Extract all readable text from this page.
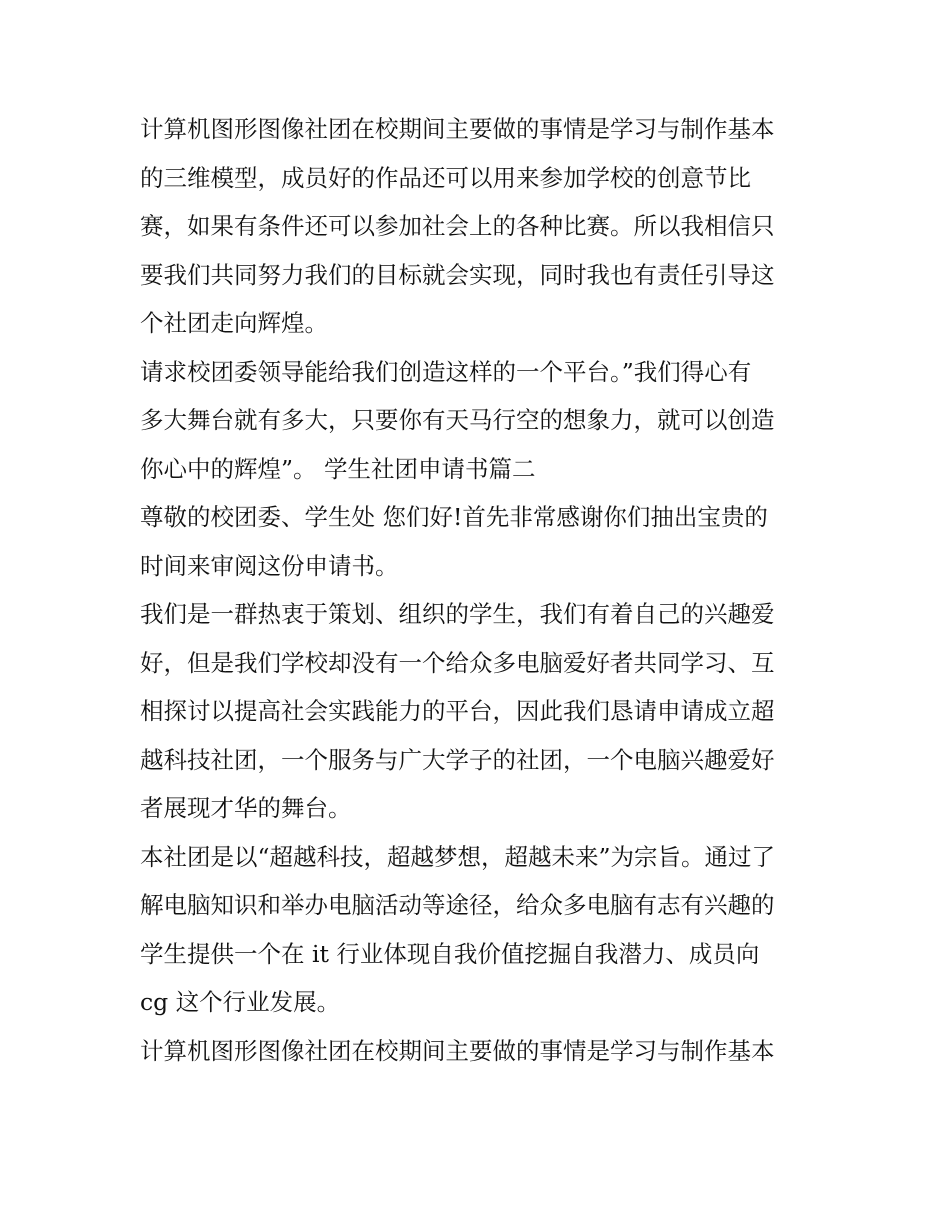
计算机图形图像社团在校期间主要做的事情是学习与制作基本
的三维模型，成员好的作品还可以用来参加学校的创意节比
赛，如果有条件还可以参加社会上的各种比赛。所以我相信只
要我们共同努力我们的目标就会实现，同时我也有责任引导这
个社团走向辉煌。
请求校团委领导能给我们创造这样的一个平台。”我们得心有
多大舞台就有多大，只要你有天马行空的想象力，就可以创造
你心中的辉煌”。 学生社团申请书篇二
尊敬的校团委、学生处 您们好!首先非常感谢你们抽出宝贵的
时间来审阅这份申请书。
我们是一群热衷于策划、组织的学生，我们有着自己的兴趣爱
好，但是我们学校却没有一个给众多电脑爱好者共同学习、互
相探讨以提高社会实践能力的平台，因此我们恳请申请成立超
越科技社团，一个服务与广大学子的社团，一个电脑兴趣爱好
者展现才华的舞台。
本社团是以“超越科技，超越梦想，超越未来”为宗旨。通过了
解电脑知识和举办电脑活动等途径，给众多电脑有志有兴趣的
学生提供一个在 it 行业体现自我价值挖掘自我潜力、成员向
cg 这个行业发展。
计算机图形图像社团在校期间主要做的事情是学习与制作基本
